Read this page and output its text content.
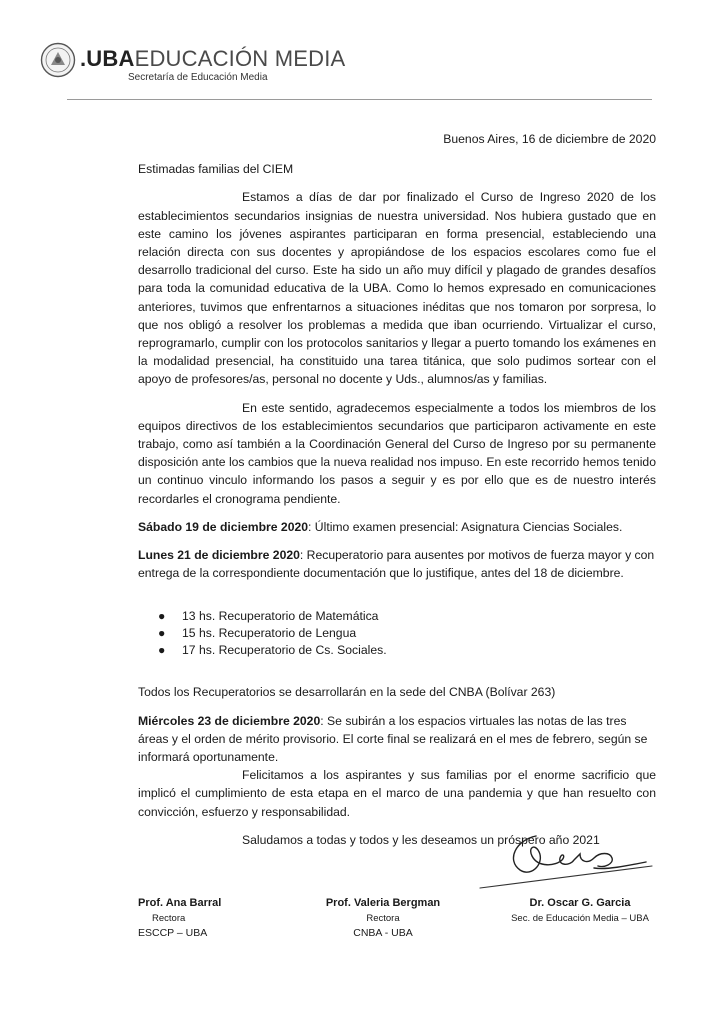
.UBAEDUCACIÓN MEDIA
Secretaría de Educación Media

Buenos Aires, 16 de diciembre de 2020

Estimadas familias del CIEM

Estamos a días de dar por finalizado el Curso de Ingreso 2020 de los establecimientos secundarios insignias de nuestra universidad. Nos hubiera gustado que en este camino los jóvenes aspirantes participaran en forma presencial, estableciendo una relación directa con sus docentes y apropiándose de los espacios escolares como fue el desarrollo tradicional del curso. Este ha sido un año muy difícil y plagado de grandes desafíos para toda la comunidad educativa de la UBA. Como lo hemos expresado en comunicaciones anteriores, tuvimos que enfrentarnos a situaciones inéditas que nos tomaron por sorpresa, lo que nos obligó a resolver los problemas a medida que iban ocurriendo. Virtualizar el curso, reprogramarlo, cumplir con los protocolos sanitarios y llegar a puerto tomando los exámenes en la modalidad presencial, ha constituido una tarea titánica, que solo pudimos sortear con el apoyo de profesores/as, personal no docente y Uds., alumnos/as y familias.

En este sentido, agradecemos especialmente a todos los miembros de los equipos directivos de los establecimientos secundarios que participaron activamente en este trabajo, como así también a la Coordinación General del Curso de Ingreso por su permanente disposición ante los cambios que la nueva realidad nos impuso. En este recorrido hemos tenido un continuo vinculo informando los pasos a seguir y es por ello que es de nuestro interés recordarles el cronograma pendiente.

Sábado 19 de diciembre 2020: Último examen presencial: Asignatura Ciencias Sociales.

Lunes 21 de diciembre 2020: Recuperatorio para ausentes por motivos de fuerza mayor y con entrega de la correspondiente documentación que lo justifique, antes del 18 de diciembre.

● 13 hs. Recuperatorio de Matemática
● 15 hs. Recuperatorio de Lengua
● 17 hs. Recuperatorio de Cs. Sociales.

Todos los Recuperatorios se desarrollarán en la sede del CNBA (Bolívar 263)

Miércoles 23 de diciembre 2020: Se subirán a los espacios virtuales las notas de las tres áreas y el orden de mérito provisorio. El corte final se realizará en el mes de febrero, según se informará oportunamente.

Felicitamos a los aspirantes y sus familias por el enorme sacrificio que implicó el cumplimiento de esta etapa en el marco de una pandemia y que han resuelto con convicción, esfuerzo y responsabilidad.

Saludamos a todas y todos y les deseamos un próspero año 2021

Prof. Ana Barral
Rectora
ESCCP – UBA
Prof. Valeria Bergman
Rectora
CNBA - UBA
Dr. Oscar G. Garcia
Sec. de Educación Media – UBA
